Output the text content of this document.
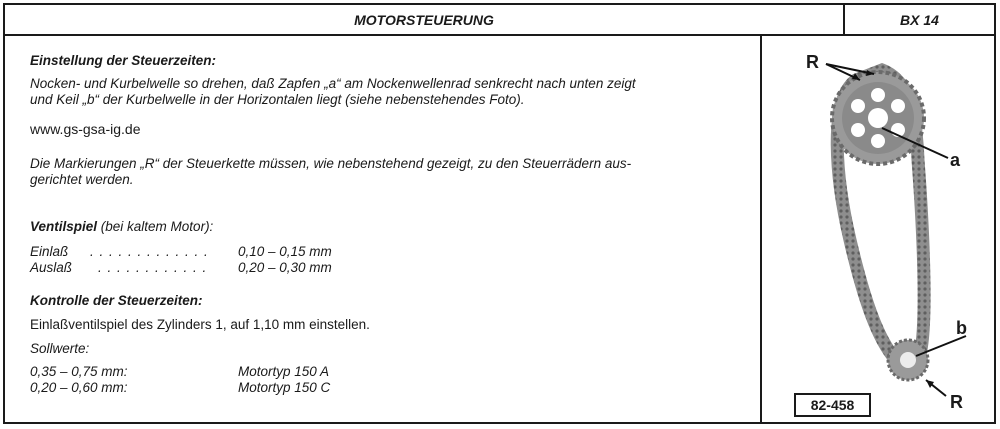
MOTORSTEUERUNG	BX 14
Einstellung der Steuerzeiten:
Nocken- und Kurbelwelle so drehen, daß Zapfen „a“ am Nockenwellenrad senkrecht nach unten zeigt
und Keil „b“ der Kurbelwelle in der Horizontalen liegt (siehe nebenstehendes Foto).
www.gs-gsa-ig.de
Die Markierungen „R“ der Steuerkette müssen, wie nebenstehend gezeigt, zu den Steuerrädern aus-
gerichtet werden.
Ventilspiel (bei kaltem Motor):
Einlaß . . . . . . . . . . . . . 0,10 – 0,15 mm
Auslaß . . . . . . . . . . . . 0,20 – 0,30 mm
Kontrolle der Steuerzeiten:
Einlaßventilspiel des Zylinders 1, auf 1,10 mm einstellen.
Sollwerte:
0,35 – 0,75 mm:	Motortyp 150 A
0,20 – 0,60 mm:	Motortyp 150 C
R
a
b
R
82-458
